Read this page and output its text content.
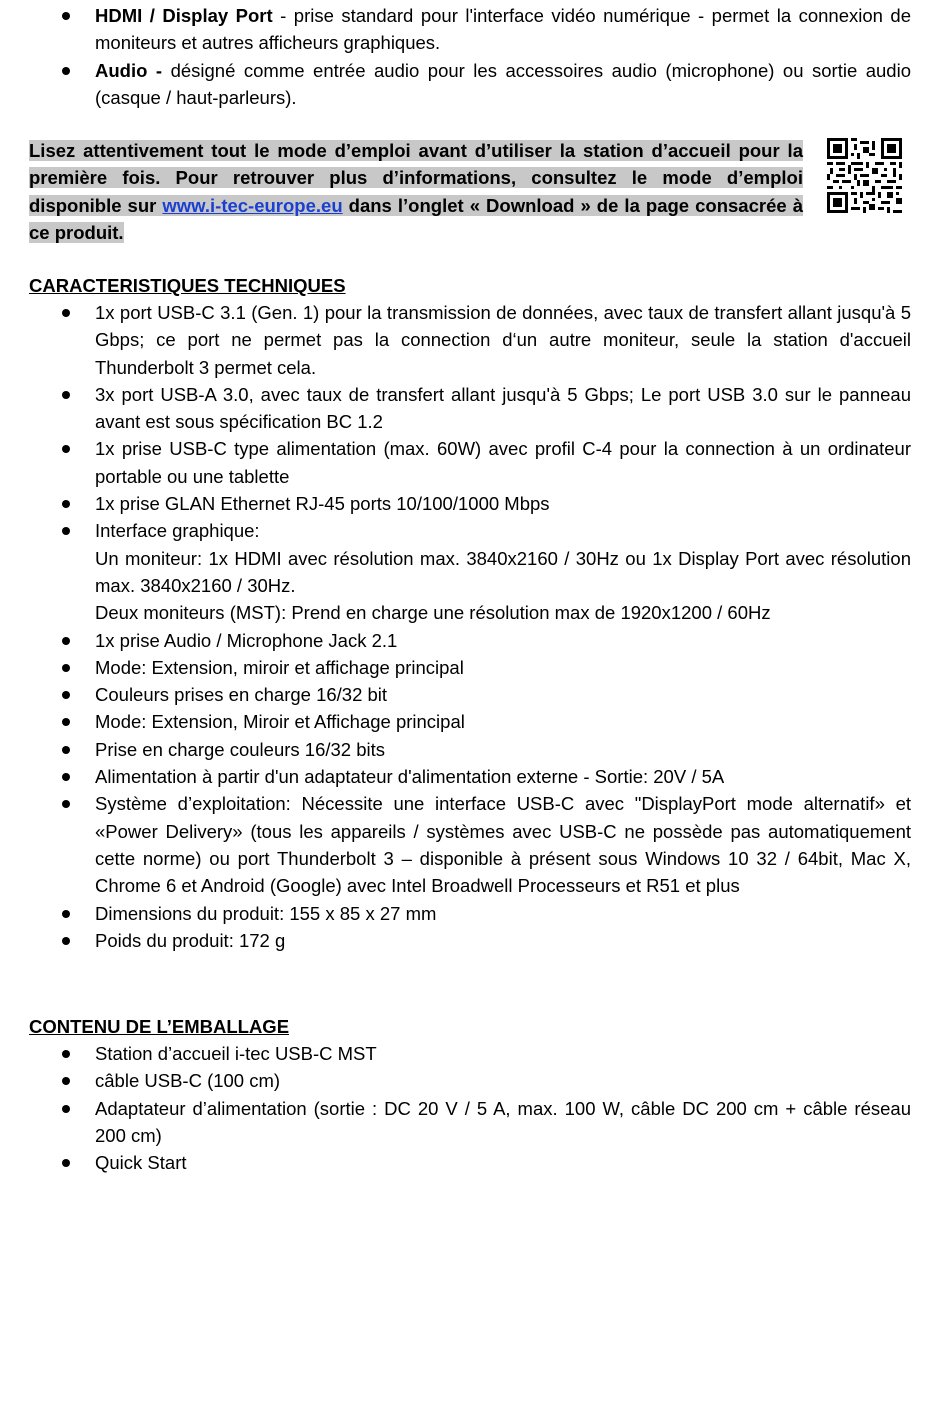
HDMI / Display Port - prise standard pour l'interface vidéo numérique - permet la connexion de moniteurs et autres afficheurs graphiques.
Audio - désigné comme entrée audio pour les accessoires audio (microphone) ou sortie audio (casque / haut-parleurs).
Lisez attentivement tout le mode d’emploi avant d’utiliser la station d’accueil pour la première fois. Pour retrouver plus d’informations, consultez le mode d’emploi disponible sur www.i-tec-europe.eu dans l’onglet « Download » de la page consacrée à ce produit.
CARACTERISTIQUES TECHNIQUES
1x port USB-C 3.1 (Gen. 1) pour la transmission de données, avec taux de transfert allant jusqu'à 5 Gbps; ce port ne permet pas la connection d‘un autre moniteur, seule la station d'accueil Thunderbolt 3 permet cela.
3x port USB-A 3.0, avec taux de transfert allant jusqu'à 5 Gbps; Le port USB 3.0 sur le panneau avant est sous spécification BC 1.2
1x prise USB-C type alimentation (max. 60W) avec profil C-4 pour la connection à un ordinateur portable ou une tablette
1x prise GLAN Ethernet RJ-45 ports 10/100/1000 Mbps
Interface graphique:
Un moniteur: 1x HDMI avec résolution max. 3840x2160 / 30Hz ou 1x Display Port avec résolution max. 3840x2160 / 30Hz.
Deux moniteurs (MST): Prend en charge une résolution max de 1920x1200 / 60Hz
1x prise Audio / Microphone Jack 2.1
Mode: Extension, miroir et affichage principal
Couleurs prises en charge 16/32 bit
Mode: Extension, Miroir et Affichage principal
Prise en charge couleurs 16/32 bits
Alimentation à partir d'un adaptateur d'alimentation externe - Sortie: 20V / 5A
Système d’exploitation: Nécessite une interface USB-C avec "DisplayPort mode alternatif» et «Power Delivery» (tous les appareils / systèmes avec USB-C ne possède pas automatiquement cette norme) ou port Thunderbolt 3 – disponible à présent sous Windows 10 32 / 64bit, Mac X, Chrome 6 et Android (Google) avec Intel Broadwell Processeurs et R51 et plus
Dimensions du produit: 155 x 85 x 27 mm
Poids du produit: 172 g
CONTENU DE L’EMBALLAGE
Station d’accueil i-tec USB-C MST
câble USB-C (100 cm)
Adaptateur d’alimentation (sortie : DC 20 V / 5 A, max. 100 W, câble DC 200 cm + câble réseau 200 cm)
Quick Start
